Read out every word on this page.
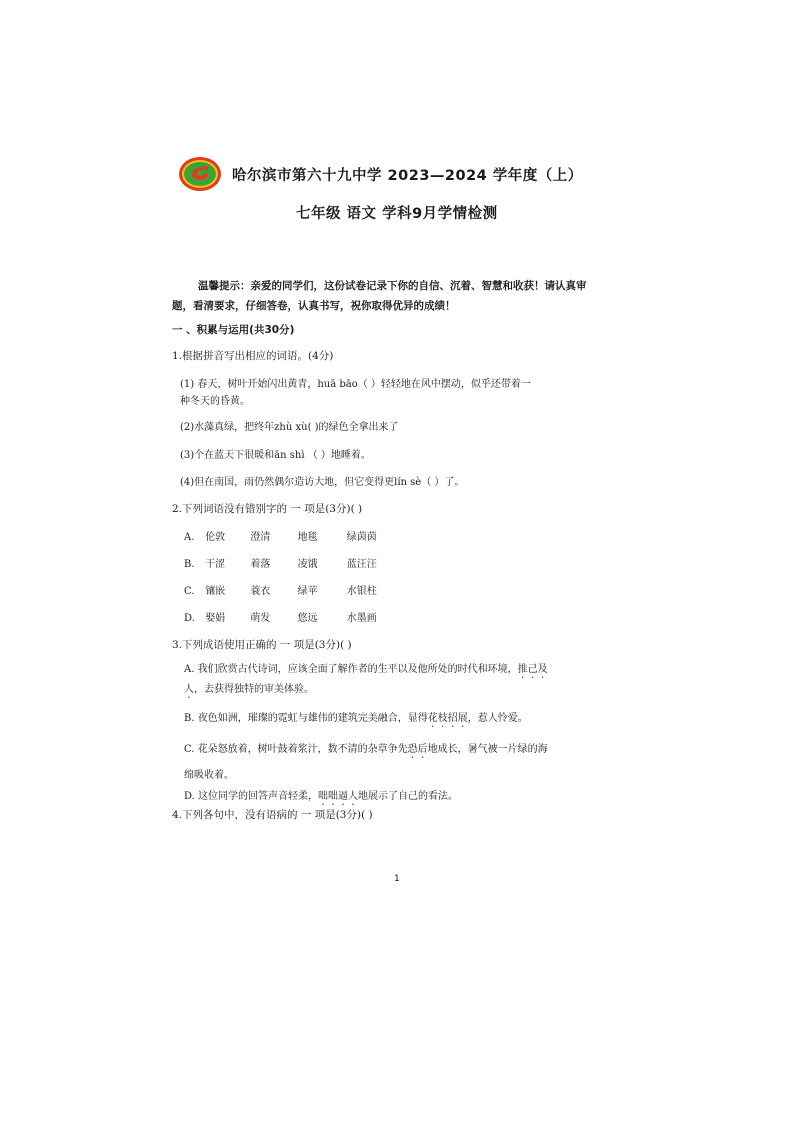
哈尔滨市第六十九中学 2023—2024 学年度（上）
七年级 语文 学科9月学情检测
温馨提示：亲爱的同学们，这份试卷记录下你的自信、沉着、智慧和收获！请认真审
题，看清要求，仔细答卷，认真书写，祝你取得优异的成绩！
一 、积累与运用(共30分)
1.根据拼音写出相应的词语。(4分)
(1) 春天，树叶开始闪出黄青，huā bāo（ ）轻轻地在风中摆动，似乎还带着一
种冬天的昏黄。
(2)水藻真绿，把终年zhù xù( )的绿色全拿出来了
(3)个在蓝天下很暖和ān shì （ ）地睡着。
(4)但在南国，雨仍然偶尔造访大地，但它变得更lín sè（ ）了。
2.下列词语没有错别字的 一 项是(3分)( )
A. 伦敦	澄清	地毯	绿茵茵
B. 干涩	着落	凌饿	蓝汪汪
C. 镶嵌	蓑衣	绿苹	水银柱
D. 娶娟	萌发	悠远	水墨画
3.下列成语使用正确的 一 项是(3分)( )
A. 我们欣赏古代诗词，应该全面了解作者的生平以及他所处的时代和环境，推己及
人，去获得独特的审美体验。
B. 夜色如洲，璀璨的霓虹与雄伟的建筑完美融合，显得花枝招展，惹人怜爱。
C. 花朵怒放着，树叶鼓着浆汁，数不清的杂草争先恐后地成长，暑气被一片绿的海
绵吸收着。
D. 这位同学的回答声音轻柔，咄咄逼人地展示了自己的看法。
4.下列各句中，没有语病的 一 项是(3分)( )
1
